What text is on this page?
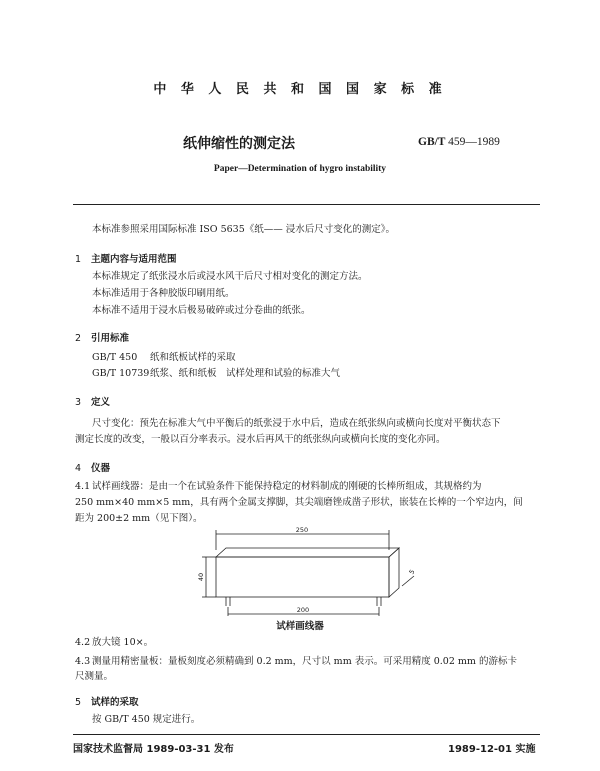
中 华 人 民 共 和 国 国 家 标 准
纸伸缩性的测定法	GB/T 459—1989
Paper—Determination of hygro instability
本标准参照采用国际标准 ISO 5635《纸—— 浸水后尺寸变化的测定》。
1 主题内容与适用范围
本标准规定了纸张浸水后或浸水风干后尺寸相对变化的测定方法。
本标准适用于各种胶版印刷用纸。
本标准不适用于浸水后极易破碎或过分卷曲的纸张。
2 引用标准
GB/T 450 纸和纸板试样的采取
GB/T 10739纸浆、纸和纸板　试样处理和试验的标准大气
3 定义
尺寸变化：预先在标准大气中平衡后的纸张浸于水中后，造成在纸张纵向或横向长度对平衡状态下
测定长度的改变，一般以百分率表示。浸水后再风干的纸张纵向或横向长度的变化亦同。
4 仪器
4.1 试样画线器：是由一个在试验条件下能保持稳定的材料制成的刚硬的长棒所组成，其规格约为
250 mm×40 mm×5 mm，具有两个金属支撑脚，其尖端磨锉成凿子形状，嵌装在长棒的一个窄边内，间
距为 200±2 mm（见下图）。
250
40
5
200
试样画线器
4.2 放大镜 10×。
4.3 测量用精密量板：量板刻度必须精确到 0.2 mm，尺寸以 mm 表示。可采用精度 0.02 mm 的游标卡
尺测量。
5 试样的采取
按 GB/T 450 规定进行。
国家技术监督局 1989-03-31 发布	1989-12-01 实施
